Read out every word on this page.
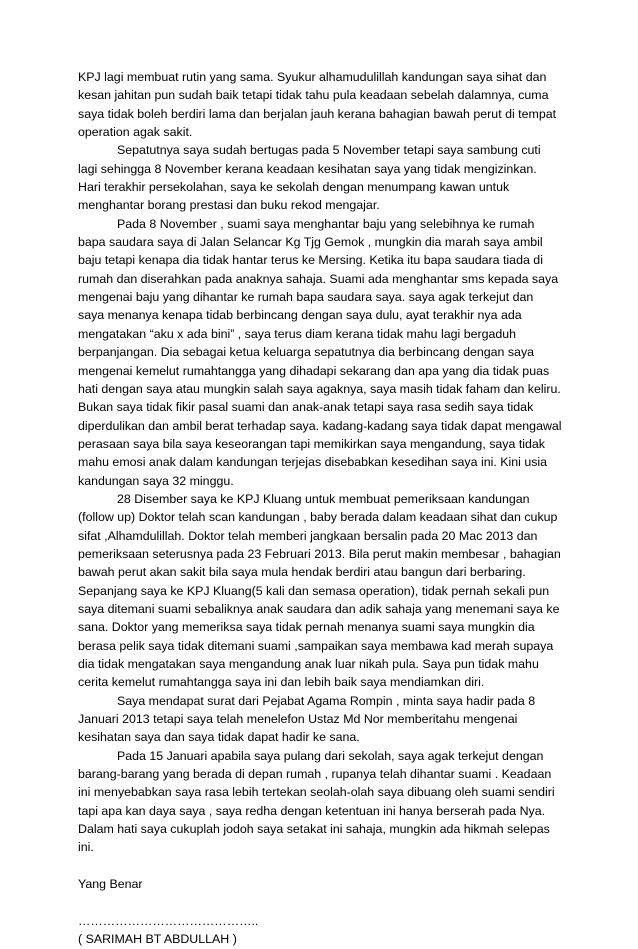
KPJ lagi membuat rutin yang sama. Syukur alhamudulillah kandungan saya sihat dan kesan jahitan pun sudah baik tetapi tidak tahu pula keadaan sebelah dalamnya, cuma saya tidak boleh berdiri lama dan berjalan jauh kerana bahagian bawah perut di tempat operation agak sakit.

Sepatutnya saya sudah bertugas pada 5 November tetapi saya sambung cuti lagi sehingga 8 November kerana keadaan kesihatan saya yang tidak mengizinkan. Hari terakhir persekolahan, saya ke sekolah dengan menumpang kawan untuk menghantar borang prestasi dan buku rekod mengajar.

Pada 8 November , suami saya menghantar baju yang selebihnya ke rumah bapa saudara saya di Jalan Selancar Kg Tjg Gemok , mungkin dia marah saya ambil baju tetapi kenapa dia tidak hantar terus ke Mersing. Ketika itu bapa saudara tiada di rumah dan diserahkan pada anaknya sahaja. Suami ada menghantar sms kepada saya mengenai baju yang dihantar ke rumah bapa saudara saya. saya agak terkejut dan saya menanya kenapa tidab berbincang dengan saya dulu, ayat terakhir nya ada mengatakan “aku x ada bini” , saya terus diam kerana tidak mahu lagi bergaduh berpanjangan. Dia sebagai ketua keluarga sepatutnya dia berbincang dengan saya mengenai kemelut rumahtangga yang dihadapi sekarang dan apa yang dia tidak puas hati dengan saya atau mungkin salah saya agaknya, saya masih tidak faham dan keliru. Bukan saya tidak fikir pasal suami dan anak-anak tetapi saya rasa sedih saya tidak diperdulikan dan ambil berat terhadap saya. kadang-kadang saya tidak dapat mengawal perasaan saya bila saya keseorangan tapi memikirkan saya mengandung, saya tidak mahu emosi anak dalam kandungan terjejas disebabkan kesedihan saya ini. Kini usia kandungan saya 32 minggu.

28 Disember saya ke KPJ Kluang untuk membuat pemeriksaan kandungan (follow up) Doktor telah scan kandungan , baby berada dalam keadaan sihat dan cukup sifat ,Alhamdulillah. Doktor telah memberi jangkaan bersalin pada 20 Mac 2013 dan pemeriksaan seterusnya pada 23 Februari 2013. Bila perut makin membesar , bahagian bawah perut akan sakit bila saya mula hendak berdiri atau bangun dari berbaring. Sepanjang saya ke KPJ Kluang(5 kali dan semasa operation), tidak pernah sekali pun saya ditemani suami sebaliknya anak saudara dan adik sahaja yang menemani saya ke sana. Doktor yang memeriksa saya tidak pernah menanya suami saya mungkin dia berasa pelik saya tidak ditemani suami ,sampaikan saya membawa kad merah supaya dia tidak mengatakan saya mengandung anak luar nikah pula. Saya pun tidak mahu cerita kemelut rumahtangga saya ini dan lebih baik saya mendiamkan diri.

Saya mendapat surat dari Pejabat Agama Rompin , minta saya hadir pada 8 Januari 2013 tetapi saya telah menelefon Ustaz Md Nor memberitahu mengenai kesihatan saya dan saya tidak dapat hadir ke sana.

Pada 15 Januari apabila saya pulang dari sekolah, saya agak terkejut dengan barang-barang yang berada di depan rumah , rupanya telah dihantar suami . Keadaan ini menyebabkan saya rasa lebih tertekan seolah-olah saya dibuang oleh suami sendiri tapi apa kan daya saya , saya redha dengan ketentuan ini hanya berserah pada Nya. Dalam hati saya cukuplah jodoh saya setakat ini sahaja, mungkin ada hikmah selepas ini.

Yang Benar

……………………………………..

( SARIMAH BT ABDULLAH )
